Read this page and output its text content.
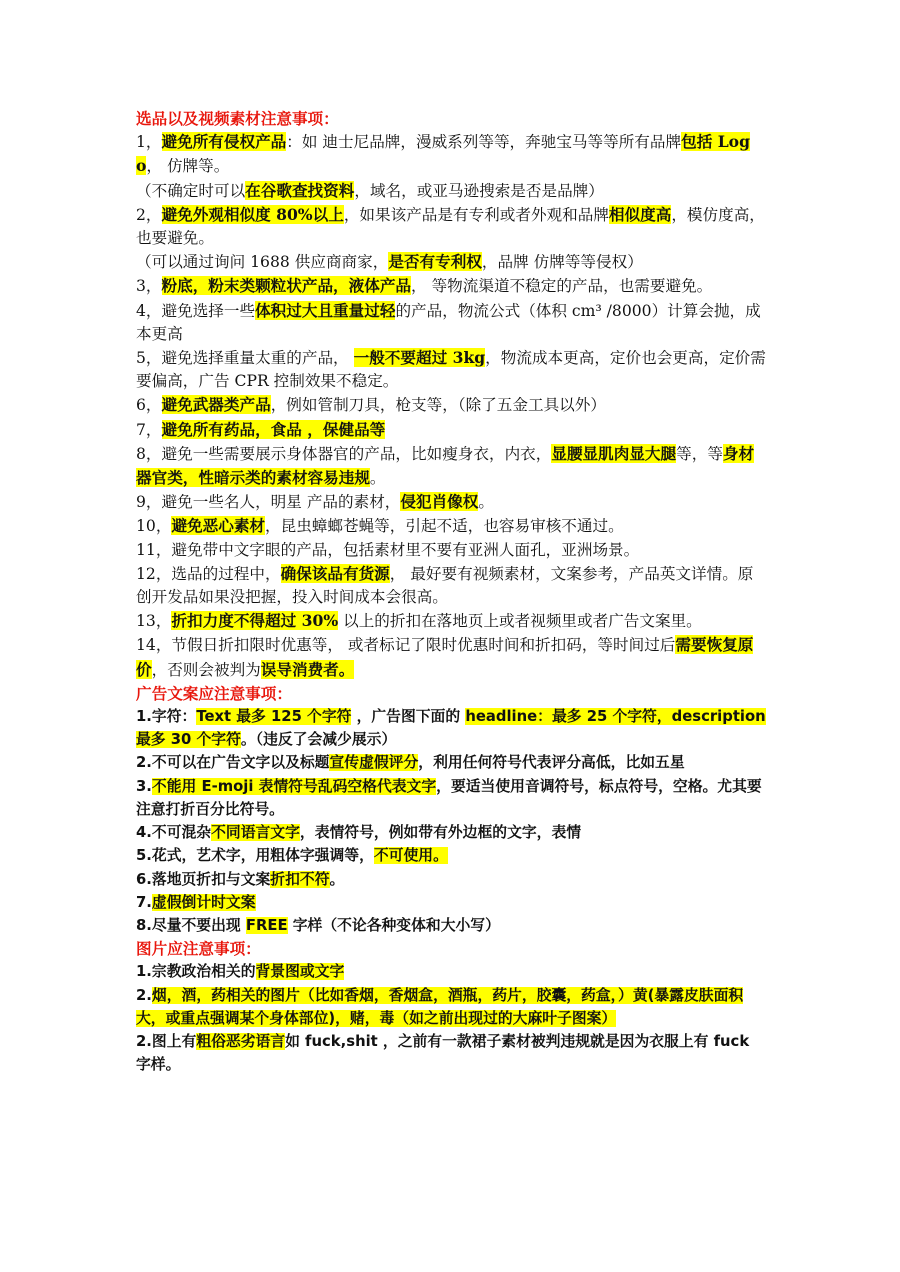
选品以及视频素材注意事项：
1，避免所有侵权产品：如 迪士尼品牌，漫威系列等等，奔驰宝马等等所有品牌包括 Logo， 仿牌等。
（不确定时可以在谷歌查找资料，域名，或亚马逊搜索是否是品牌）
2，避免外观相似度 80%以上，如果该产品是有专利或者外观和品牌相似度高，模仿度高，也要避免。
（可以通过询问 1688 供应商商家，是否有专利权，品牌 仿牌等等侵权）
3，粉底，粉末类颗粒状产品，液体产品， 等物流渠道不稳定的产品，也需要避免。
4，避免选择一些体积过大且重量过轻的产品，物流公式（体积 cm³ /8000）计算会抛，成本更高
5，避免选择重量太重的产品， 一般不要超过 3kg，物流成本更高，定价也会更高，定价需要偏高，广告 CPR 控制效果不稳定。
6，避免武器类产品，例如管制刀具，枪支等，（除了五金工具以外）
7，避免所有药品，食品 ，保健品等
8，避免一些需要展示身体器官的产品，比如瘦身衣，内衣，显腰显肌肉显大腿等，等身材器官类，性暗示类的素材容易违规。
9，避免一些名人，明星 产品的素材，侵犯肖像权。
10，避免恶心素材，昆虫蟑螂苍蝇等，引起不适，也容易审核不通过。
11，避免带中文字眼的产品，包括素材里不要有亚洲人面孔，亚洲场景。
12，选品的过程中，确保该品有货源， 最好要有视频素材，文案参考，产品英文详情。原创开发品如果没把握，投入时间成本会很高。
13，折扣力度不得超过 30% 以上的折扣在落地页上或者视频里或者广告文案里。
14，节假日折扣限时优惠等， 或者标记了限时优惠时间和折扣码，等时间过后需要恢复原价，否则会被判为误导消费者。
广告文案应注意事项：
1.字符：Text 最多 125 个字符 ，广告图下面的 headline：最多 25 个字符，description 最多 30 个字符。（违反了会减少展示）
2.不可以在广告文字以及标题宣传虚假评分，利用任何符号代表评分高低，比如五星
3.不能用 E-moji 表情符号乱码空格代表文字，要适当使用音调符号，标点符号，空格。尤其要注意打折百分比符号。
4.不可混杂不同语言文字，表情符号，例如带有外边框的文字，表情
5.花式，艺术字，用粗体字强调等，不可使用。
6.落地页折扣与文案折扣不符。
7.虚假倒计时文案
8.尽量不要出现 FREE 字样（不论各种变体和大小写）
图片应注意事项：
1.宗教政治相关的背景图或文字
2.烟，酒，药相关的图片（比如香烟，香烟盒，酒瓶，药片，胶囊，药盒，）黄(暴露皮肤面积大，或重点强调某个身体部位)，赌，毒（如之前出现过的大麻叶子图案）
2.图上有粗俗恶劣语言如 fuck,shit ，之前有一款裙子素材被判违规就是因为衣服上有 fuck 字样。
